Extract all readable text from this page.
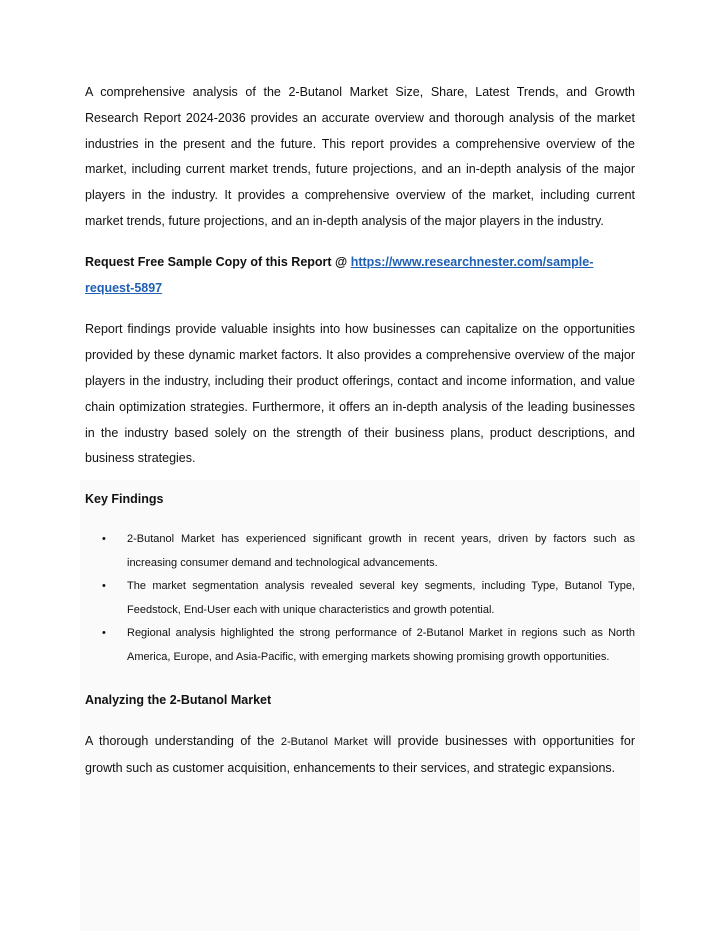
A comprehensive analysis of the 2-Butanol Market Size, Share, Latest Trends, and Growth Research Report 2024-2036 provides an accurate overview and thorough analysis of the market industries in the present and the future. This report provides a comprehensive overview of the market, including current market trends, future projections, and an in-depth analysis of the major players in the industry. It provides a comprehensive overview of the market, including current market trends, future projections, and an in-depth analysis of the major players in the industry.

Request Free Sample Copy of this Report @ https://www.researchnester.com/sample-request-5897

Report findings provide valuable insights into how businesses can capitalize on the opportunities provided by these dynamic market factors. It also provides a comprehensive overview of the major players in the industry, including their product offerings, contact and income information, and value chain optimization strategies. Furthermore, it offers an in-depth analysis of the leading businesses in the industry based solely on the strength of their business plans, product descriptions, and business strategies.

Key Findings
• 2-Butanol Market has experienced significant growth in recent years, driven by factors such as increasing consumer demand and technological advancements.
• The market segmentation analysis revealed several key segments, including Type, Butanol Type, Feedstock, End-User each with unique characteristics and growth potential.
• Regional analysis highlighted the strong performance of 2-Butanol Market in regions such as North America, Europe, and Asia-Pacific, with emerging markets showing promising growth opportunities.
Analyzing the 2-Butanol Market

A thorough understanding of the 2-Butanol Market will provide businesses with opportunities for growth such as customer acquisition, enhancements to their services, and strategic expansions.
